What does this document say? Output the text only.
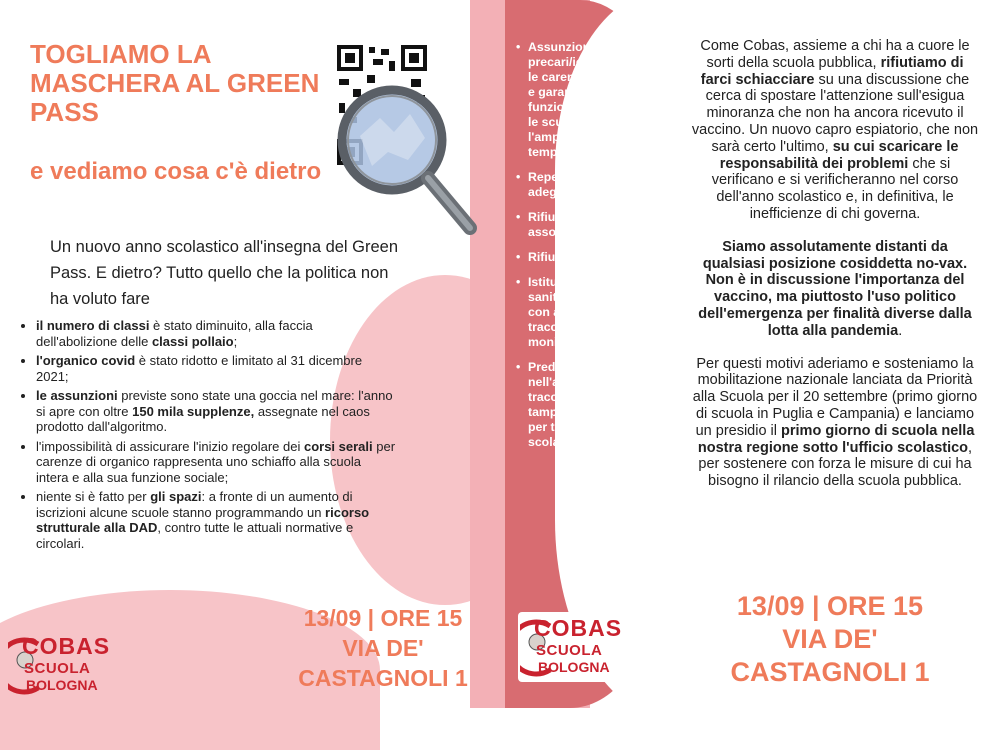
TOGLIAMO LA MASCHERA AL GREEN PASS
e vediamo cosa c'è dietro
Un nuovo anno scolastico all'insegna del Green Pass. E dietro? Tutto quello che la politica non ha voluto fare
• il numero di classi è stato diminuito, alla faccia dell'abolizione delle classi pollaio;
• l'organico covid è stato ridotto e limitato al 31 dicembre 2021;
• le assunzioni previste sono state una goccia nel mare: l'anno si apre con oltre 150 mila supplenze, assegnate nel caos prodotto dall'algoritmo.
• l'impossibilità di assicurare l'inizio regolare dei corsi serali per carenze di organico rappresenta uno schiaffo alla scuola intera e alla sua funzione sociale;
• niente si è fatto per gli spazi: a fronte di un aumento di iscrizioni alcune scuole stanno programmando un ricorso strutturale alla DAD, contro tutte le attuali normative e circolari.
13/09 | ORE 15
VIA DE'
CASTAGNOLI 1
COBAS
SCUOLA
BOLOGNA
• Assunzione di precari/ie per coprire le carenze di organico e garantire il funzionamento di tutte le scuole e l'ampliamento del tempo pieno
• Reperimento di spazi adeguati
• Rifiuto totale e assoluto della DAD
• Rifiuto del green-pass
• Istituzione di presidi sanitari nelle scuole, con anche funzione di tracciamento e monitoraggio
• Predisposizione, nell'ambito del tracciamento, di tamponi rapidi gratuiti per tutta popolazione scolastica
COBAS
SCUOLA
BOLOGNA

Come Cobas, assieme a chi ha a cuore le sorti della scuola pubblica, rifiutiamo di farci schiacciare su una discussione che cerca di spostare l'attenzione sull'esigua minoranza che non ha ancora ricevuto il vaccino. Un nuovo capro espiatorio, che non sarà certo l'ultimo, su cui scaricare le responsabilità dei problemi che si verificano e si verificheranno nel corso dell'anno scolastico e, in definitiva, le inefficienze di chi governa.

Siamo assolutamente distanti da qualsiasi posizione cosiddetta no-vax. Non è in discussione l'importanza del vaccino, ma piuttosto l'uso politico dell'emergenza per finalità diverse dalla lotta alla pandemia.

Per questi motivi aderiamo e sosteniamo la mobilitazione nazionale lanciata da Priorità alla Scuola per il 20 settembre (primo giorno di scuola in Puglia e Campania) e lanciamo un presidio il primo giorno di scuola nella nostra regione sotto l'ufficio scolastico, per sostenere con forza le misure di cui ha bisogno il rilancio della scuola pubblica.

13/09 | ORE 15
VIA DE'
CASTAGNOLI 1
